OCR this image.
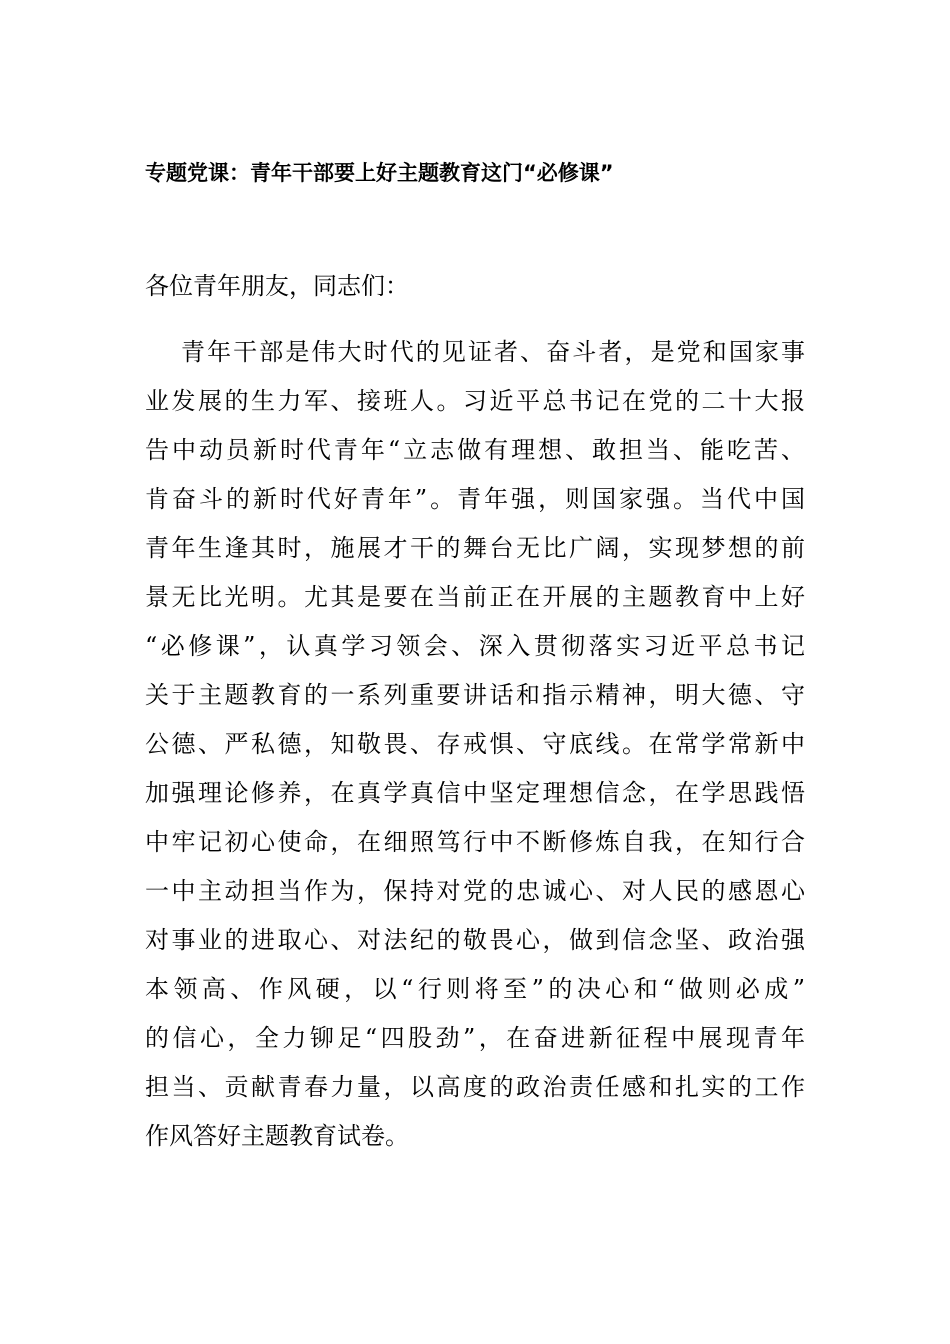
专题党课：青年干部要上好主题教育这门“必修课”

各位青年朋友，同志们：

青年干部是伟大时代的见证者、奋斗者，是党和国家事
业发展的生力军、接班人。习近平总书记在党的二十大报
告中动员新时代青年“立志做有理想、敢担当、能吃苦、
肯奋斗的新时代好青年”。青年强，则国家强。当代中国
青年生逢其时，施展才干的舞台无比广阔，实现梦想的前
景无比光明。尤其是要在当前正在开展的主题教育中上好
“必修课”，认真学习领会、深入贯彻落实习近平总书记
关于主题教育的一系列重要讲话和指示精神，明大德、守
公德、严私德，知敬畏、存戒惧、守底线。在常学常新中
加强理论修养，在真学真信中坚定理想信念，在学思践悟
中牢记初心使命，在细照笃行中不断修炼自我，在知行合
一中主动担当作为，保持对党的忠诚心、对人民的感恩心
对事业的进取心、对法纪的敬畏心，做到信念坚、政治强
本领高、作风硬，以“行则将至”的决心和“做则必成”
的信心，全力铆足“四股劲”，在奋进新征程中展现青年
担当、贡献青春力量，以高度的政治责任感和扎实的工作
作风答好主题教育试卷。
